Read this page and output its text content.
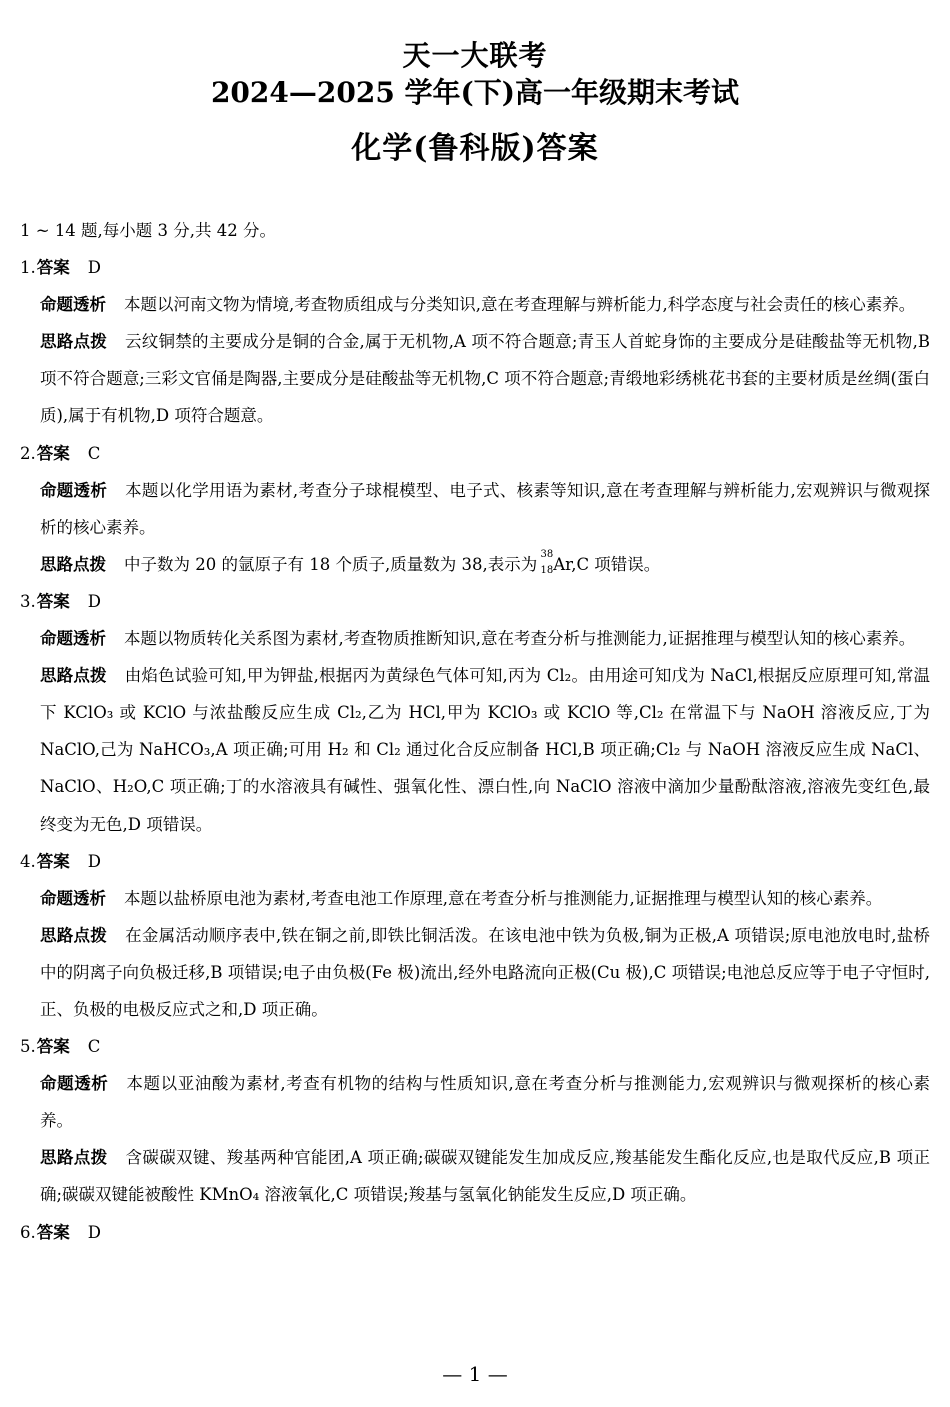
天一大联考
2024—2025 学年(下)高一年级期末考试
化学(鲁科版)答案

1 ~ 14 题,每小题 3 分,共 42 分。

1.答案 D

命题透析 本题以河南文物为情境,考查物质组成与分类知识,意在考查理解与辨析能力,科学态度与社会责任的核心素养。

思路点拨 云纹铜禁的主要成分是铜的合金,属于无机物,A 项不符合题意;青玉人首蛇身饰的主要成分是硅酸盐等无机物,B 项不符合题意;三彩文官俑是陶器,主要成分是硅酸盐等无机物,C 项不符合题意;青缎地彩绣桃花书套的主要材质是丝绸(蛋白质),属于有机物,D 项符合题意。

2.答案 C

命题透析 本题以化学用语为素材,考查分子球棍模型、电子式、核素等知识,意在考查理解与辨析能力,宏观辨识与微观探析的核心素养。

思路点拨 中子数为 20 的氩原子有 18 个质子,质量数为 38,表示为
38
18 Ar,C 项错误。

3.答案 D

命题透析 本题以物质转化关系图为素材,考查物质推断知识,意在考查分析与推测能力,证据推理与模型认知的核心素养。

思路点拨 由焰色试验可知,甲为钾盐,根据丙为黄绿色气体可知,丙为 Cl₂。由用途可知戊为 NaCl,根据反应原理可知,常温下 KClO₃ 或 KClO 与浓盐酸反应生成 Cl₂,乙为 HCl,甲为 KClO₃ 或 KClO 等,Cl₂ 在常温下与 NaOH 溶液反应,丁为 NaClO,己为 NaHCO₃,A 项正确;可用 H₂ 和 Cl₂ 通过化合反应制备 HCl,B 项正确;Cl₂ 与 NaOH 溶液反应生成 NaCl、NaClO、H₂O,C 项正确;丁的水溶液具有碱性、强氧化性、漂白性,向 NaClO 溶液中滴加少量酚酞溶液,溶液先变红色,最终变为无色,D 项错误。

4.答案 D

命题透析 本题以盐桥原电池为素材,考查电池工作原理,意在考查分析与推测能力,证据推理与模型认知的核心素养。

思路点拨 在金属活动顺序表中,铁在铜之前,即铁比铜活泼。在该电池中铁为负极,铜为正极,A 项错误;原电池放电时,盐桥中的阴离子向负极迁移,B 项错误;电子由负极(Fe 极)流出,经外电路流向正极(Cu 极),C 项错误;电池总反应等于电子守恒时,正、负极的电极反应式之和,D 项正确。

5.答案 C

命题透析 本题以亚油酸为素材,考查有机物的结构与性质知识,意在考查分析与推测能力,宏观辨识与微观探析的核心素养。

思路点拨 含碳碳双键、羧基两种官能团,A 项正确;碳碳双键能发生加成反应,羧基能发生酯化反应,也是取代反应,B 项正确;碳碳双键能被酸性 KMnO₄ 溶液氧化,C 项错误;羧基与氢氧化钠能发生反应,D 项正确。

6.答案 D

— 1 —
